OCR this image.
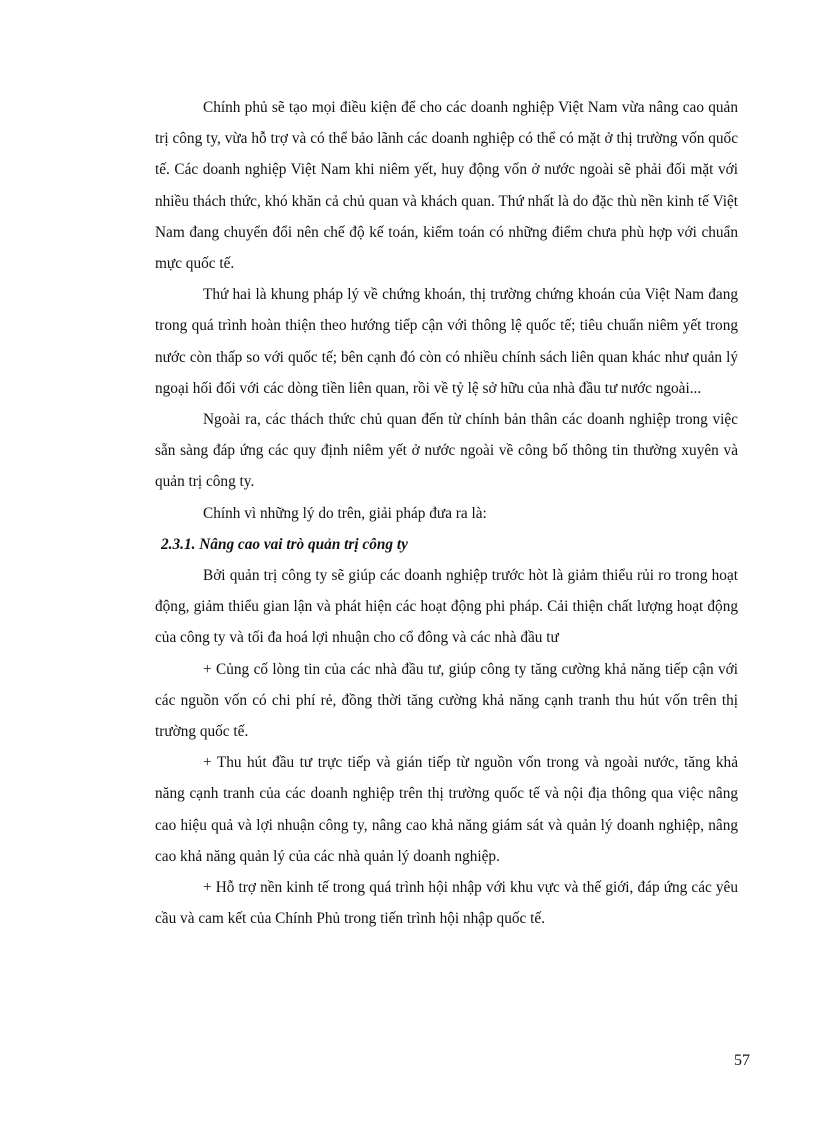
Chính phủ sẽ tạo mọi điều kiện để cho các doanh nghiệp Việt Nam vừa nâng cao quản trị công ty, vừa hỗ trợ và có thể bảo lãnh các doanh nghiệp có thể có mặt ở thị trường vốn quốc tế. Các doanh nghiệp Việt Nam khi niêm yết, huy động vốn ở nước ngoài sẽ phải đối mặt với nhiều thách thức, khó khăn cả chủ quan và khách quan. Thứ nhất là do đặc thù nền kinh tế Việt Nam đang chuyển đổi nên chế độ kế toán, kiểm toán có những điểm chưa phù hợp với chuẩn mực quốc tế.

Thứ hai là khung pháp lý về chứng khoán, thị trường chứng khoán của Việt Nam đang trong quá trình hoàn thiện theo hướng tiếp cận với thông lệ quốc tế; tiêu chuẩn niêm yết trong nước còn thấp so với quốc tế; bên cạnh đó còn có nhiều chính sách liên quan khác như quản lý ngoại hối đối với các dòng tiền liên quan, rồi về tỷ lệ sở hữu của nhà đầu tư nước ngoài...

Ngoài ra, các thách thức chủ quan đến từ chính bản thân các doanh nghiệp trong việc sẵn sàng đáp ứng các quy định niêm yết ở nước ngoài về công bố thông tin thường xuyên và quản trị công ty.

Chính vì những lý do trên, giải pháp đưa ra là:

2.3.1. Nâng cao vai trò quản trị công ty

Bởi quản trị công ty sẽ giúp các doanh nghiệp trước hòt là giảm thiểu rủi ro trong hoạt động, giảm thiểu gian lận và phát hiện các hoạt động phi pháp. Cải thiện chất lượng hoạt động của công ty và tối đa hoá lợi nhuận cho cổ đông và các nhà đầu tư

+ Củng cố lòng tin của các nhà đầu tư, giúp công ty tăng cường khả năng tiếp cận với các nguồn vốn có chi phí rẻ, đồng thời tăng cường khả năng cạnh tranh thu hút vốn trên thị trường quốc tế.

+ Thu hút đầu tư trực tiếp và gián tiếp từ nguồn vốn trong và ngoài nước, tăng khả năng cạnh tranh của các doanh nghiệp trên thị trường quốc tế và nội địa thông qua việc nâng cao hiệu quả và lợi nhuận công ty, nâng cao khả năng giám sát và quản lý doanh nghiệp, nâng cao khả năng quản lý của các nhà quản lý doanh nghiệp.

+ Hỗ trợ nền kinh tế trong quá trình hội nhập với khu vực và thế giới, đáp ứng các yêu cầu và cam kết của Chính Phủ trong tiến trình hội nhập quốc tế.

57
